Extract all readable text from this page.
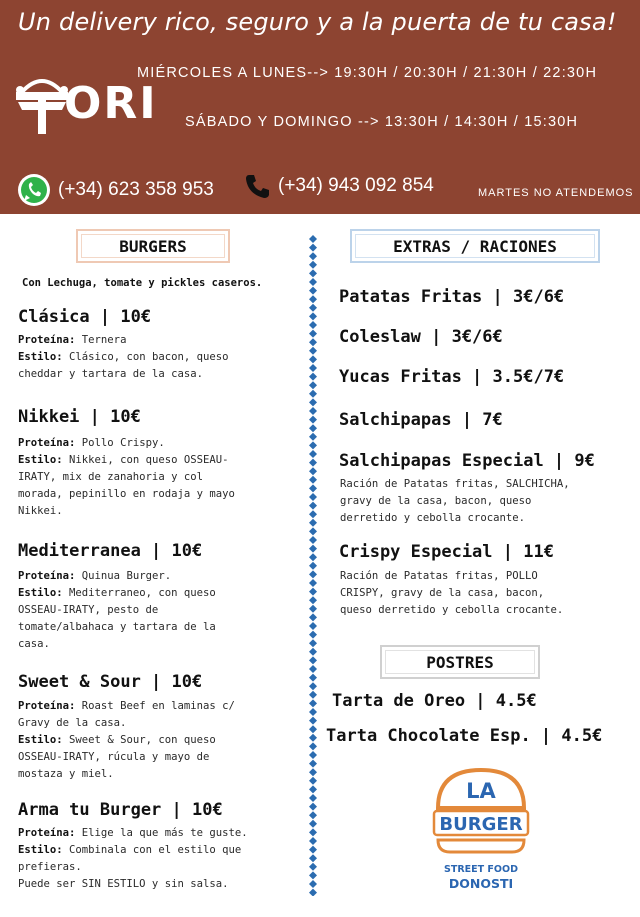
Un delivery rico, seguro y a la puerta de tu casa!
ORI
MIÉRCOLES A LUNES--> 19:30H / 20:30H / 21:30H / 22:30H
SÁBADO Y DOMINGO --> 13:30H / 14:30H / 15:30H
(+34) 623 358 953	(+34) 943 092 854	MARTES NO ATENDEMOS
BURGERS	EXTRAS / RACIONES
POSTRES
Con Lechuga, tomate y pickles caseros.
Clásica | 10€
Proteína: Ternera
Estilo: Clásico, con bacon, queso
cheddar y tartara de la casa.
Nikkei | 10€
Proteína: Pollo Crispy.
Estilo: Nikkei, con queso OSSEAU-
IRATY, mix de zanahoria y col
morada, pepinillo en rodaja y mayo
Nikkei.
Mediterranea | 10€
Proteína: Quinua Burger.
Estilo: Mediterraneo, con queso
OSSEAU-IRATY, pesto de
tomate/albahaca y tartara de la
casa.
Sweet & Sour | 10€
Proteína: Roast Beef en laminas c/
Gravy de la casa.
Estilo: Sweet & Sour, con queso
OSSEAU-IRATY, rúcula y mayo de
mostaza y miel.
Arma tu Burger | 10€
Proteína: Elige la que más te guste.
Estilo: Combinala con el estilo que
prefieras.
Puede ser SIN ESTILO y sin salsa.
Patatas Fritas | 3€/6€
Coleslaw | 3€/6€
Yucas Fritas | 3.5€/7€
Salchipapas | 7€
Salchipapas Especial | 9€
Ración de Patatas fritas, SALCHICHA,
gravy de la casa, bacon, queso
derretido y cebolla crocante.
Crispy Especial | 11€
Ración de Patatas fritas, POLLO
CRISPY, gravy de la casa, bacon,
queso derretido y cebolla crocante.
Tarta de Oreo | 4.5€
Tarta Chocolate Esp. | 4.5€
LA
BURGER
STREET FOOD
DONOSTI
